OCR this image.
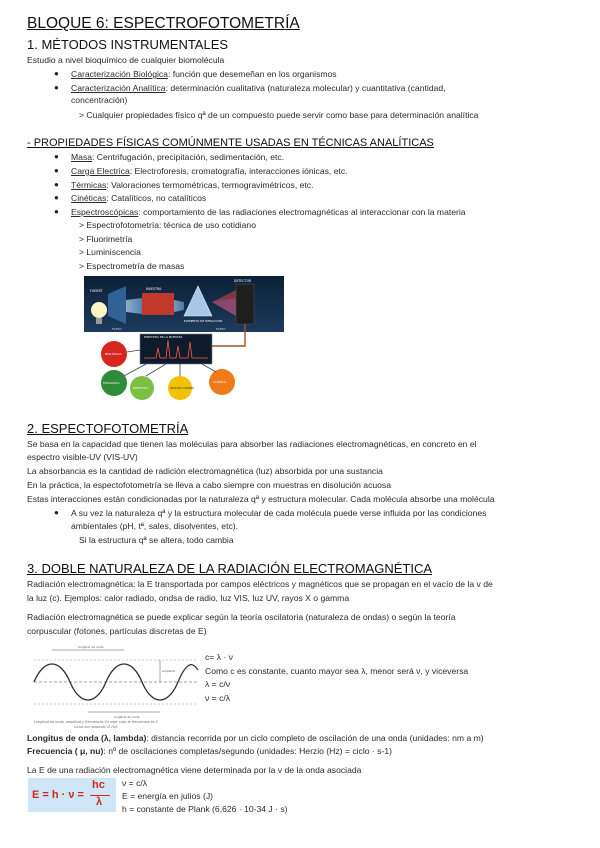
BLOQUE 6: ESPECTROFOTOMETRÍA
1. MÉTODOS INSTRUMENTALES
Estudio a nivel bioquímico de cualquier biomolécula
● Caracterización Biológica: función que desemeñan en los organismos
● Caracterización Analítica: determinación cualitativa (naturaleza molecular) y cuantitativa (cantidad,
concentración)
> Cualquier propiedades físico qª de un compuesto puede servir como base para determinación analítica
- PROPIEDADES FÍSICAS COMÚNMENTE USADAS EN TÉCNICAS ANALÍTICAS
● Masa: Centrifugación, precipitación, sedimentación, etc.
● Carga Electrica: Electroforesis, cromatografía, interacciones iónicas, etc.
● Térmicas: Valoraciones termométricas, termogravimétricos, etc.
● Cinéticas: Catalíticos, no catalíticos
● Espectroscópicas: comportamiento de las radiaciones electromagnéticas al interaccionar con la materia
> Espectrofotometría: técnica de uso cotidiano
> Fluorimetría
> Luminiscencia
> Espectrometría de masas
FUENTE	MUESTRA
ELEMENTO DE DIFRACCIÓN
DETECTOR
FILTRO	FILTRO
ESPECTRO DE LA MUESTRA
BIOLÓGICA
FISIOLÓGICA
DIETÉTICA	MEDICINA FORENSE
QUÍMICA
2. ESPECTOFOTOMETRÍA
Se basa en la capacidad que tienen las moléculas para absorber las radiaciones electromagnéticas, en concreto en el
espectro visible-UV (VIS-UV)
La absorbancia es la cantidad de radición electromagnética (luz) absorbida por una sustancia
En la práctica, la espectofotometría se lleva a cabo siempre con muestras en disolución acuosa
Estas interacciones están condicionadas por la naturaleza qª y estructura molecular. Cada molécula absorbe una molécula
● A su vez la naturaleza qª y la estructura molecular de cada molécula puede verse influida por las condiciones
ambientales (pH, tª, sales, disolventes, etc).
Si la estructura qª se altera, todo cambia
3. DOBLE NATURALEZA DE LA RADIACIÓN ELECTROMAGNÉTICA
Radiación electromagnética: la E transportada por campos eléctricos y magnéticos que se propagan en el vacío de la v de
la luz (c). Ejemplos: calor radiado, ondsa de radio, luz VIS, luz UV, rayos X o gamma
Radiación electromagnética se puede explicar según la teoría oscilatoria (naturaleza de ondas) o según la teoría
corpuscular (fotones, partículas discretas de E)
longitud de onda
amplitud
longitud de onda
Longitud de onda, amplitud y frecuencia. En este caso la frecuencia es 2
ciclos por segundo (2 Hz).
c= λ · ν
Como c es constante, cuanto mayor sea λ, menor será ν, y viceversa
λ = c/ν
ν = c/λ
Longitus de onda (λ, lambda): distancia recorrida por un ciclo completo de oscilación de una onda (unidades: nm a m)
Frecuencia ( μ, nu): nº de oscilaciones completas/segundo (unidades: Herzio (Hz) = ciclo · s-1)
La E de una radiación electromagnética viene determinada por la v de la onda asociada
E = h · ν =
hc
λ
ν = c/λ
E = energía en julios (J)
h = constante de Plank (6,626 · 10-34 J · s)
